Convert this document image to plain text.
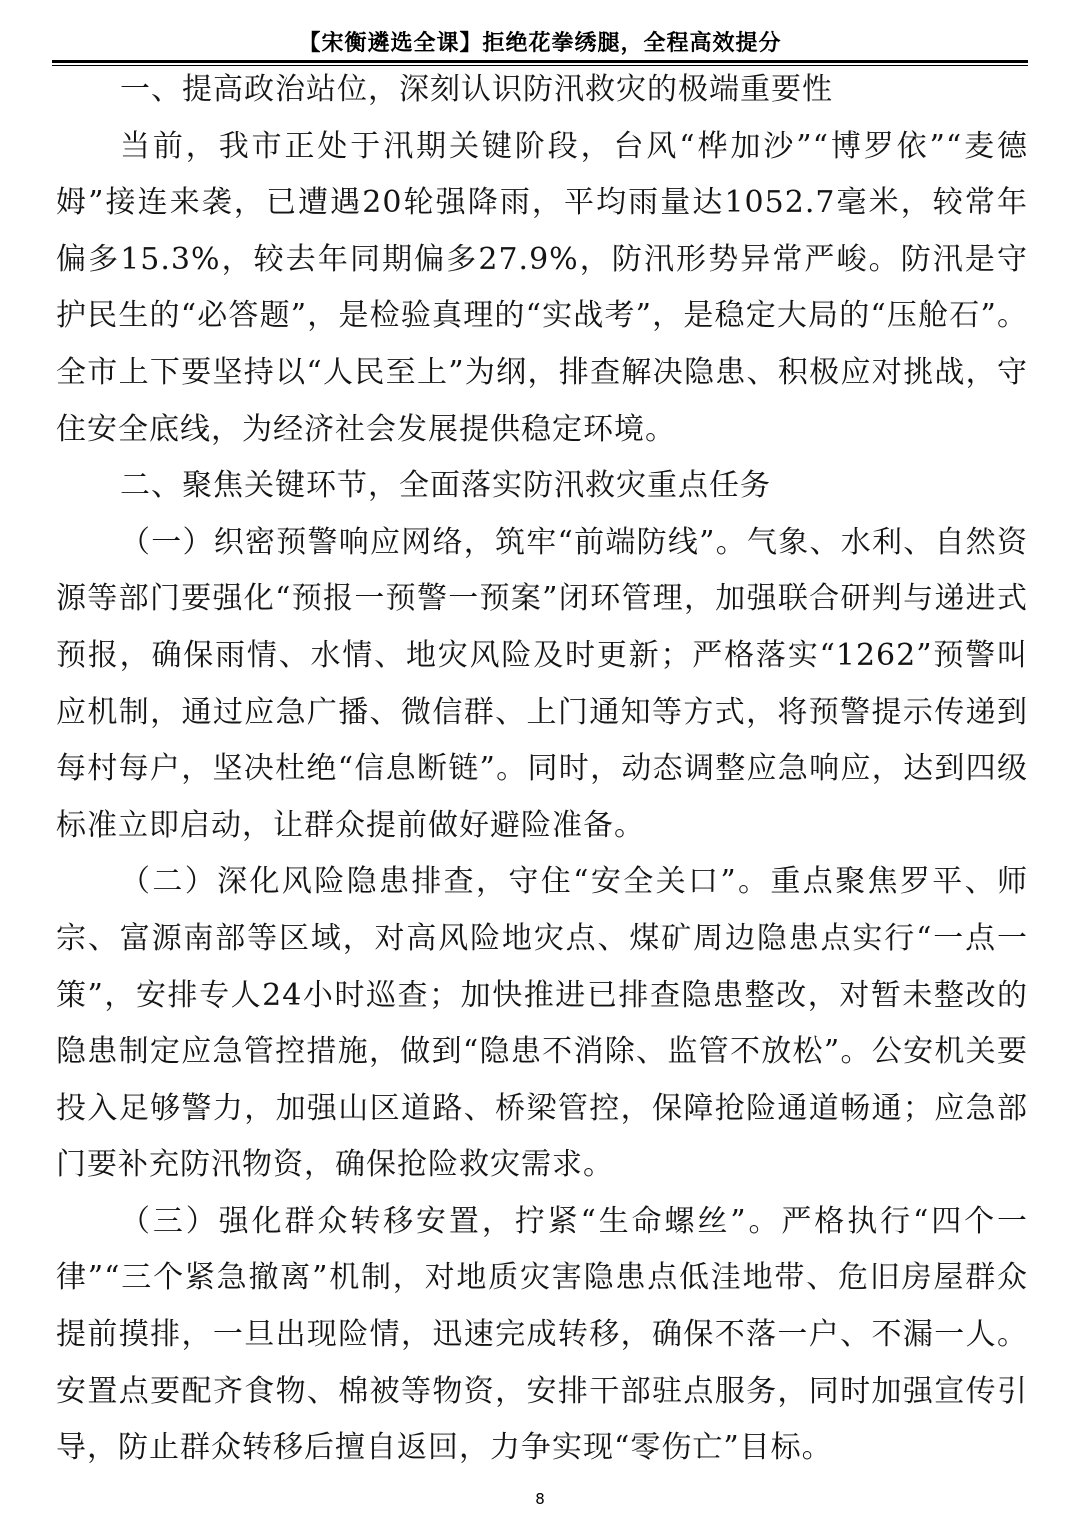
【宋衡遴选全课】拒绝花拳绣腿，全程高效提分

一、提高政治站位，深刻认识防汛救灾的极端重要性

当前，我市正处于汛期关键阶段，台风“桦加沙”“博罗依”“麦德姆”接连来袭，已遭遇20轮强降雨，平均雨量达1052.7毫米，较常年偏多15.3%，较去年同期偏多27.9%，防汛形势异常严峻。防汛是守护民生的“必答题”，是检验真理的“实战考”，是稳定大局的“压舱石”。全市上下要坚持以“人民至上”为纲，排查解决隐患、积极应对挑战，守住安全底线，为经济社会发展提供稳定环境。

二、聚焦关键环节，全面落实防汛救灾重点任务

（一）织密预警响应网络，筑牢“前端防线”。气象、水利、自然资源等部门要强化“预报一预警一预案”闭环管理，加强联合研判与递进式预报，确保雨情、水情、地灾风险及时更新；严格落实“1262”预警叫应机制，通过应急广播、微信群、上门通知等方式，将预警提示传递到每村每户，坚决杜绝“信息断链”。同时，动态调整应急响应，达到四级标准立即启动，让群众提前做好避险准备。

（二）深化风险隐患排查，守住“安全关口”。重点聚焦罗平、师宗、富源南部等区域，对高风险地灾点、煤矿周边隐患点实行“一点一策”，安排专人24小时巡查；加快推进已排查隐患整改，对暂未整改的隐患制定应急管控措施，做到“隐患不消除、监管不放松”。公安机关要投入足够警力，加强山区道路、桥梁管控，保障抢险通道畅通；应急部门要补充防汛物资，确保抢险救灾需求。

（三）强化群众转移安置，拧紧“生命螺丝”。严格执行“四个一律”“三个紧急撤离”机制，对地质灾害隐患点低洼地带、危旧房屋群众提前摸排，一旦出现险情，迅速完成转移，确保不落一户、不漏一人。安置点要配齐食物、棉被等物资，安排干部驻点服务，同时加强宣传引导，防止群众转移后擅自返回，力争实现“零伤亡”目标。

8
